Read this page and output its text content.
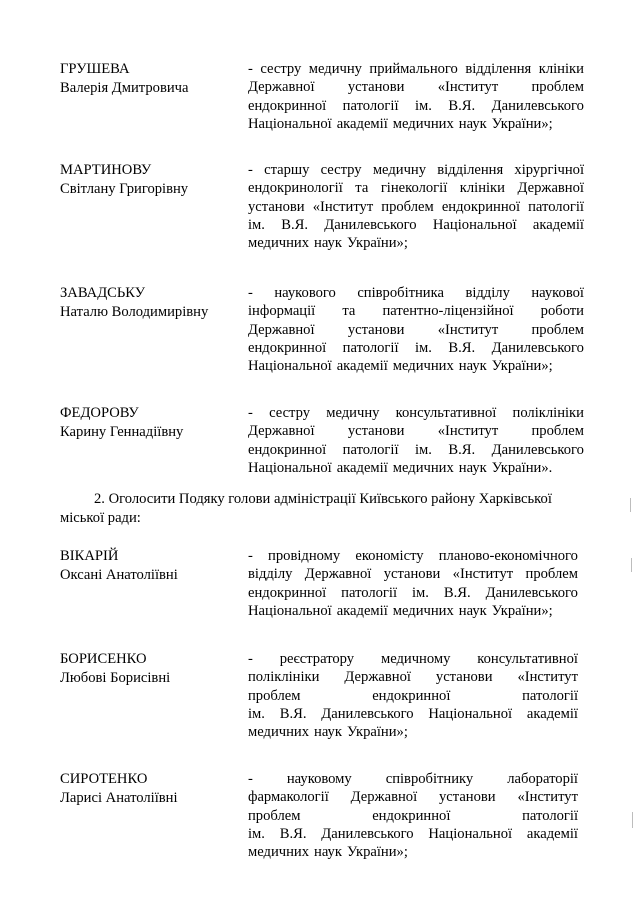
ГРУШЕВА
Валерія Дмитровича
- сестру медичну приймального відділення клініки
Державної установи «Інститут проблем
ендокринної патології ім. В.Я. Данилевського
Національної академії медичних наук України»;
МАРТИНОВУ
Світлану Григорівну
- старшу сестру медичну відділення хірургічної
ендокринології та гінекології клініки Державної
установи «Інститут проблем ендокринної патології
ім. В.Я. Данилевського Національної академії
медичних наук України»;
ЗАВАДСЬКУ
Наталю Володимирівну
- наукового співробітника відділу наукової
інформації та патентно-ліцензійної роботи
Державної установи «Інститут проблем
ендокринної патології ім. В.Я. Данилевського
Національної академії медичних наук України»;
ФЕДОРОВУ
Карину Геннадіївну
- сестру медичну консультативної поліклініки
Державної установи «Інститут проблем
ендокринної патології ім. В.Я. Данилевського
Національної академії медичних наук України».
2. Оголосити Подяку голови адміністрації Київського району Харківської
міської ради:
ВІКАРІЙ
Оксані Анатоліївні
- провідному економісту планово-економічного
відділу Державної установи «Інститут проблем
ендокринної патології ім. В.Я. Данилевського
Національної академії медичних наук України»;
БОРИСЕНКО
Любові Борисівні
- реєстратору медичному консультативної
поліклініки Державної установи «Інститут
проблем	ендокринної	патології
ім. В.Я. Данилевського Національної академії
медичних наук України»;
СИРОТЕНКО
Ларисі Анатоліївні
- науковому співробітнику лабораторії
фармакології Державної установи «Інститут
проблем	ендокринної	патології
ім. В.Я. Данилевського Національної академії
медичних наук України»;
